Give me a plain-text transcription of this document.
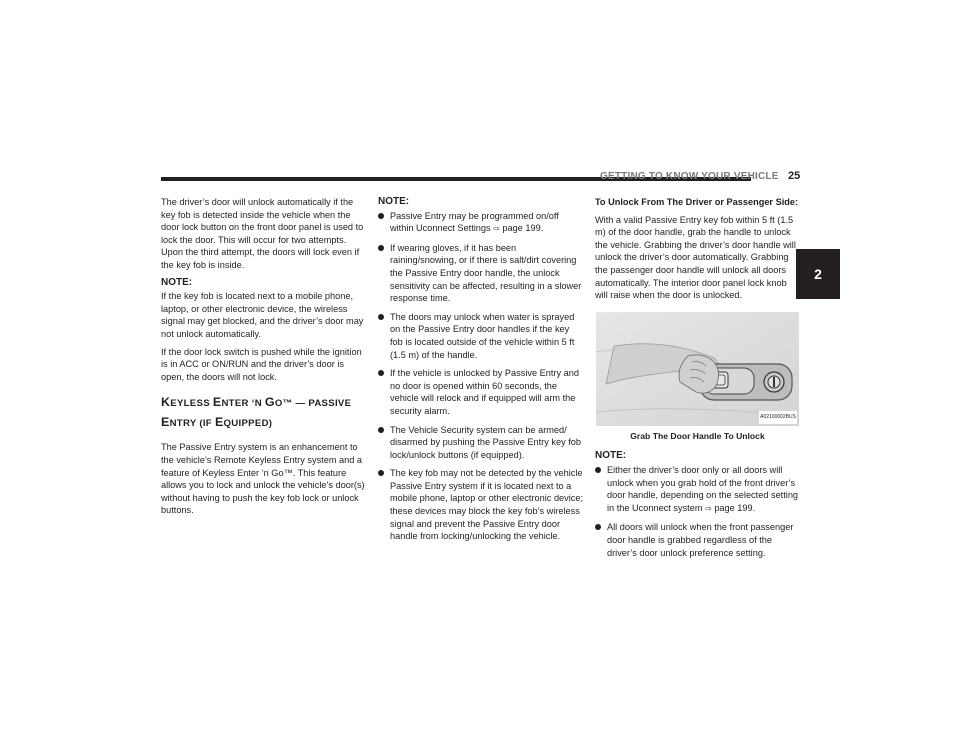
GETTING TO KNOW YOUR VEHICLE 25
2

The driver’s door will unlock automatically if the key fob is detected inside the vehicle when the door lock button on the front door panel is used to lock the door. This will occur for two attempts. Upon the third attempt, the doors will lock even if the key fob is inside.

NOTE:

If the key fob is located next to a mobile phone, laptop, or other electronic device, the wireless signal may get blocked, and the driver’s door may not unlock automatically.

If the door lock switch is pushed while the ignition is in ACC or ON/RUN and the driver’s door is open, the doors will not lock.

KEYLESS ENTER ‘N GO™ — PASSIVE
ENTRY (IF EQUIPPED)

The Passive Entry system is an enhancement to the vehicle’s Remote Keyless Entry system and a feature of Keyless Enter ‘n Go™. This feature allows you to lock and unlock the vehicle’s door(s) without having to push the key fob lock or unlock buttons.

NOTE:
Passive Entry may be programmed on/off within Uconnect Settings ⇨ page 199.
If wearing gloves, if it has been raining/snowing, or if there is salt/dirt covering the Passive Entry door handle, the unlock sensitivity can be affected, resulting in a slower response time.
The doors may unlock when water is sprayed on the Passive Entry door handles if the key fob is located outside of the vehicle within 5 ft (1.5 m) of the handle.
If the vehicle is unlocked by Passive Entry and no door is opened within 60 seconds, the vehicle will relock and if equipped will arm the security alarm.
The Vehicle Security system can be armed/ disarmed by pushing the Passive Entry key fob lock/unlock buttons (if equipped).
The key fob may not be detected by the vehicle Passive Entry system if it is located next to a mobile phone, laptop or other electronic device; these devices may block the key fob’s wireless signal and prevent the Passive Entry door handle from locking/unlocking the vehicle.
To Unlock From The Driver or Passenger Side:

With a valid Passive Entry key fob within 5 ft (1.5 m) of the door handle, grab the handle to unlock the vehicle. Grabbing the driver’s door handle will unlock the driver’s door automatically. Grabbing the passenger door handle will unlock all doors automatically. The interior door panel lock knob will raise when the door is unlocked.

A02100002BUS
Grab The Door Handle To Unlock
NOTE:
Either the driver’s door only or all doors will unlock when you grab hold of the front driver’s door handle, depending on the selected setting in the Uconnect system ⇨ page 199.
All doors will unlock when the front passenger door handle is grabbed regardless of the driver’s door unlock preference setting.
